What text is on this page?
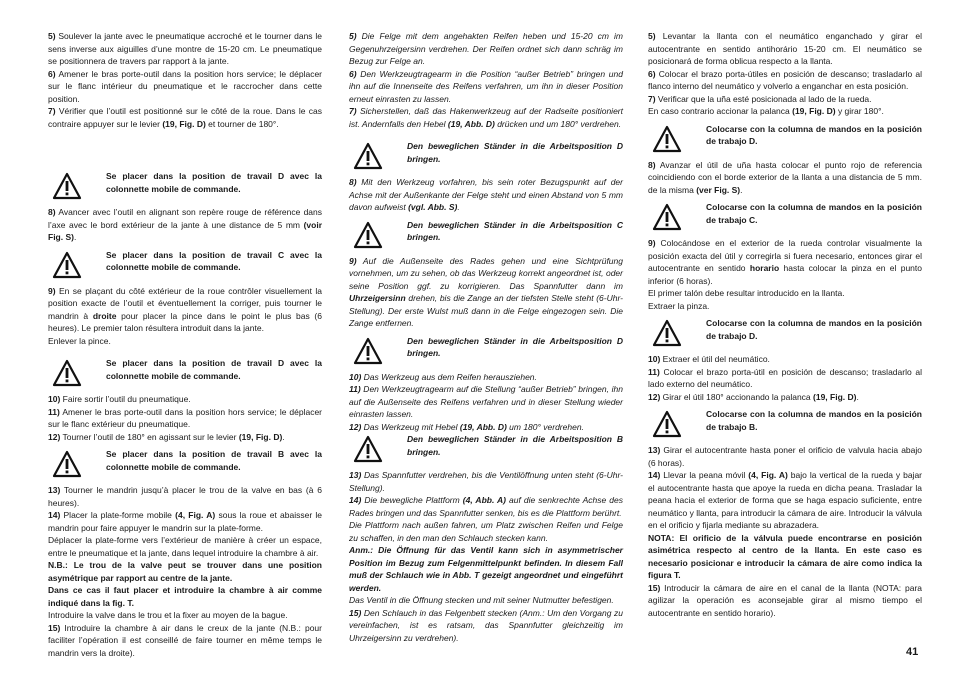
5) Soulever la jante avec le pneumatique accroché et le tourner dans le sens inverse aux aiguilles d’une montre de 15-20 cm. Le pneumatique se positionnera de travers par rapport à la jante.

6) Amener le bras porte-outil dans la position hors service; le déplacer sur le flanc intérieur du pneumatique et le raccrocher dans cette position.

7) Vérifier que l’outil est positionné sur le côté de la roue. Dans le cas contraire appuyer sur le levier (19, Fig. D) et tourner de 180°.

Se placer dans la position de travail D avec la colonnette mobile de commande.

8) Avancer avec l’outil en alignant son repère rouge de référence dans l’axe avec le bord extérieur de la jante à une distance de 5 mm (voir Fig. S).

Se placer dans la position de travail C avec la colonnette mobile de commande.

9) En se plaçant du côté extérieur de la roue contrôler visuellement la position exacte de l’outil et éventuellement la corriger, puis tourner le mandrin à droite pour placer la pince dans le point le plus bas (6 heures). Le premier talon résultera introduit dans la jante.

Enlever la pince.

Se placer dans la position de travail D avec la colonnette mobile de commande.

10) Faire sortir l’outil du pneumatique.

11) Amener le bras porte-outil dans la position hors service; le déplacer sur le flanc extérieur du pneumatique.

12) Tourner l’outil de 180° en agissant sur le levier (19, Fig. D).

Se placer dans la position de travail B avec la colonnette mobile de commande.

13) Tourner le mandrin jusqu’à placer le trou de la valve en bas (à 6 heures).

14) Placer la plate-forme mobile (4, Fig. A) sous la roue et abaisser le mandrin pour faire appuyer le mandrin sur la plate-forme.

Déplacer la plate-forme vers l’extérieur de manière à créer un espace, entre le pneumatique et la jante, dans lequel introduire la chambre à air.

N.B.: Le trou de la valve peut se trouver dans une position asymétrique par rapport au centre de la jante.

Dans ce cas il faut placer et introduire la chambre à air comme indiqué dans la fig. T.

Introduire la valve dans le trou et la fixer au moyen de la bague.

15) Introduire la chambre à air dans le creux de la jante (N.B.: pour faciliter l’opération il est conseillé de faire tourner en même temps le mandrin vers la droite).

5) Die Felge mit dem angehakten Reifen heben und 15-20 cm im Gegenuhrzeigersinn verdrehen. Der Reifen ordnet sich dann schräg im Bezug zur Felge an.

6) Den Werkzeugtragearm in die Position “außer Betrieb” bringen und ihn auf die Innenseite des Reifens verfahren, um ihn in dieser Position erneut einrasten zu lassen.

7) Sicherstellen, daß das Hakenwerkzeug auf der Radseite positioniert ist. Andernfalls den Hebel (19, Abb. D) drücken und um 180° verdrehen.

Den beweglichen Ständer in die Arbeitsposition D bringen.

8) Mit den Werkzeug vorfahren, bis sein roter Bezugspunkt auf der Achse mit der Außenkante der Felge steht und einen Abstand von 5 mm davon aufweist (vgl. Abb. S).

Den beweglichen Ständer in die Arbeitsposition C bringen.

9) Auf die Außenseite des Rades gehen und eine Sichtprüfung vornehmen, um zu sehen, ob das Werkzeug korrekt angeordnet ist, oder seine Position ggf. zu korrigieren. Das Spannfutter dann im Uhrzeigersinn drehen, bis die Zange an der tiefsten Stelle steht (6-Uhr-Stellung). Der erste Wulst muß dann in die Felge eingezogen sein. Die Zange entfernen.

Den beweglichen Ständer in die Arbeitsposition D bringen.

10) Das Werkzeug aus dem Reifen herausziehen.

11) Den Werkzeugtragearm auf die Stellung “außer Betrieb” bringen, ihn auf die Außenseite des Reifens verfahren und in dieser Stellung wieder einrasten lassen.

12) Das Werkzeug mit Hebel (19, Abb. D) um 180° verdrehen.

Den beweglichen Ständer in die Arbeitsposition B bringen.

13) Das Spannfutter verdrehen, bis die Ventilöffnung unten steht (6-Uhr-Stellung).

14) Die bewegliche Plattform (4, Abb. A) auf die senkrechte Achse des Rades bringen und das Spannfutter senken, bis es die Plattform berührt.

Die Plattform nach außen fahren, um Platz zwischen Reifen und Felge zu schaffen, in den man den Schlauch stecken kann.

Anm.: Die Öffnung für das Ventil kann sich in asymmetrischer Position im Bezug zum Felgenmittelpunkt befinden. In diesem Fall muß der Schlauch wie in Abb. T gezeigt angeordnet und eingeführt werden.

Das Ventil in die Öffnung stecken und mit seiner Nutmutter befestigen.

15) Den Schlauch in das Felgenbett stecken (Anm.: Um den Vorgang zu vereinfachen, ist es ratsam, das Spannfutter gleichzeitig im Uhrzeigersinn zu verdrehen).

5) Levantar la llanta con el neumático enganchado y girar el autocentrante en sentido antihorário 15-20 cm. El neumático se posicionará de forma oblicua respecto a la llanta.

6) Colocar el brazo porta-útiles en posición de descanso; trasladarlo al flanco interno del neumático y volverlo a enganchar en esta posición.

7) Verificar que la uña esté posicionada al lado de la rueda.

En caso contrario accionar la palanca (19, Fig. D) y girar 180°.

Colocarse con la columna de mandos en la posición de trabajo D.

8) Avanzar el útil de uña hasta colocar el punto rojo de referencia coincidiendo con el borde exterior de la llanta a una distancia de 5 mm. de la misma (ver Fig. S).

Colocarse con la columna de mandos en la posición de trabajo C.

9) Colocándose en el exterior de la rueda controlar visualmente la posición exacta del útil y corregirla si fuera necesario, entonces girar el autocentrante en sentido horario hasta colocar la pinza en el punto inferior (6 horas).

El primer talón debe resultar introducido en la llanta.

Extraer la pinza.

Colocarse con la columna de mandos en la posición de trabajo D.

10) Extraer el útil del neumático.

11) Colocar el brazo porta-útil en posición de descanso; trasladarlo al lado externo del neumático.

12) Girar el útil 180° accionando la palanca (19, Fig. D).

Colocarse con la columna de mandos en la posición de trabajo B.

13) Girar el autocentrante hasta poner el orificio de valvula hacia abajo (6 horas).

14) Llevar la peana móvil (4, Fig. A) bajo la vertical de la rueda y bajar el autocentrante hasta que apoye la rueda en dicha peana. Trasladar la peana hacia el exterior de forma que se haga espacio suficiente, entre neumático y llanta, para introducir la cámara de aire. Introducir la válvula en el orificio y fijarla mediante su abrazadera.

NOTA: El orificio de la válvula puede encontrarse en posición asimétrica respecto al centro de la llanta. En este caso es necesario posicionar e introducir la cámara de aire como indica la figura T.

15) Introducir la cámara de aire en el canal de la llanta (NOTA: para agilizar la operación es aconsejable girar al mismo tiempo el autocentrante en sentido horario).

41
